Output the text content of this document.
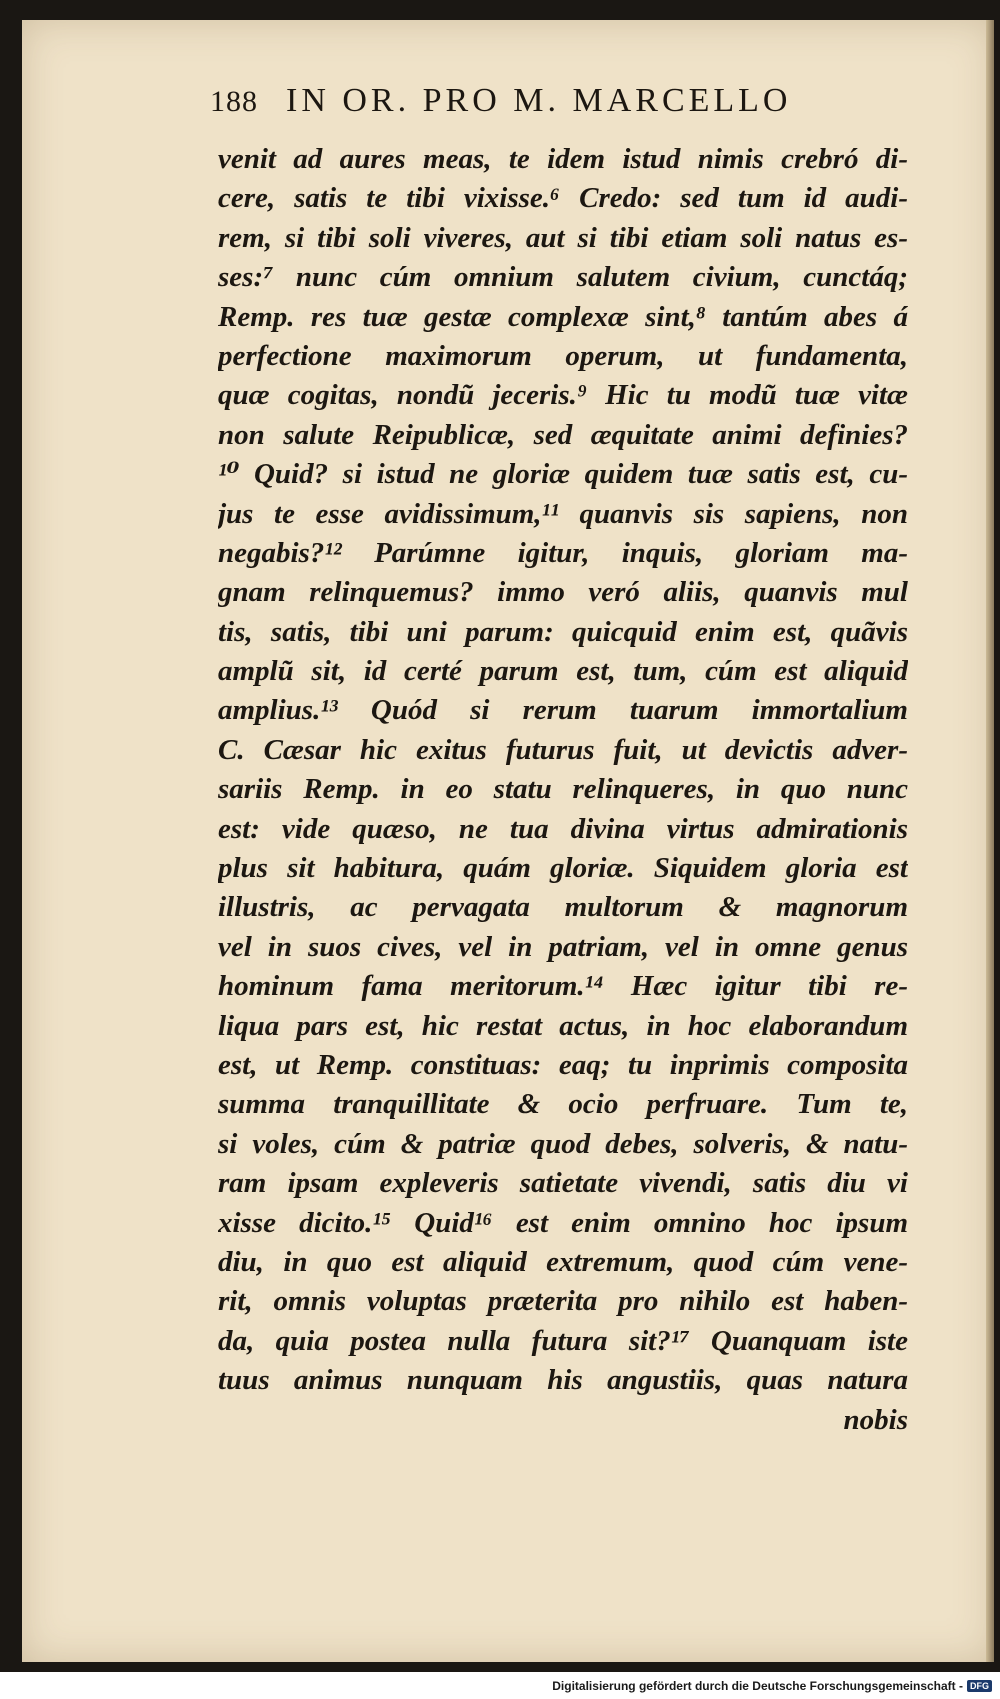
188 IN OR. PRO M. MARCELLO
venit ad aures meas, te idem istud nimis crebró di-
cere, satis te tibi vixisse.⁶ Credo: sed tum id audi-
rem, si tibi soli viveres, aut si tibi etiam soli natus es-
ses:⁷ nunc cúm omnium salutem civium, cunctáq;
Remp. res tuæ gestæ complexæ sint,⁸ tantúm abes á
perfectione maximorum operum, ut fundamenta,
quæ cogitas, nondũ jeceris.⁹ Hic tu modũ tuæ vitæ
non salute Reipublicæ, sed æquitate animi definies?
¹⁰ Quid? si istud ne gloriæ quidem tuæ satis est, cu-
jus te esse avidissimum,¹¹ quanvis sis sapiens, non
negabis?¹² Parúmne igitur, inquis, gloriam ma-
gnam relinquemus? immo veró aliis, quanvis mul
tis, satis, tibi uni parum: quicquid enim est, quãvis
amplũ sit, id certé parum est, tum, cúm est aliquid
amplius.¹³ Quód si rerum tuarum immortalium
C. Cæsar hic exitus futurus fuit, ut devictis adver-
sariis Remp. in eo statu relinqueres, in quo nunc
est: vide quæso, ne tua divina virtus admirationis
plus sit habitura, quám gloriæ. Siquidem gloria est
illustris, ac pervagata multorum & magnorum
vel in suos cives, vel in patriam, vel in omne genus
hominum fama meritorum.¹⁴ Hæc igitur tibi re-
liqua pars est, hic restat actus, in hoc elaborandum
est, ut Remp. constituas: eaq; tu inprimis composita
summa tranquillitate & ocio perfruare. Tum te,
si voles, cúm & patriæ quod debes, solveris, & natu-
ram ipsam expleveris satietate vivendi, satis diu vi
xisse dicito.¹⁵ Quid¹⁶ est enim omnino hoc ipsum
diu, in quo est aliquid extremum, quod cúm vene-
rit, omnis voluptas præterita pro nihilo est haben-
da, quia postea nulla futura sit?¹⁷ Quanquam iste
tuus animus nunquam his angustiis, quas natura
nobis
Digitalisierung gefördert durch die Deutsche Forschungsgemeinschaft - DFG
